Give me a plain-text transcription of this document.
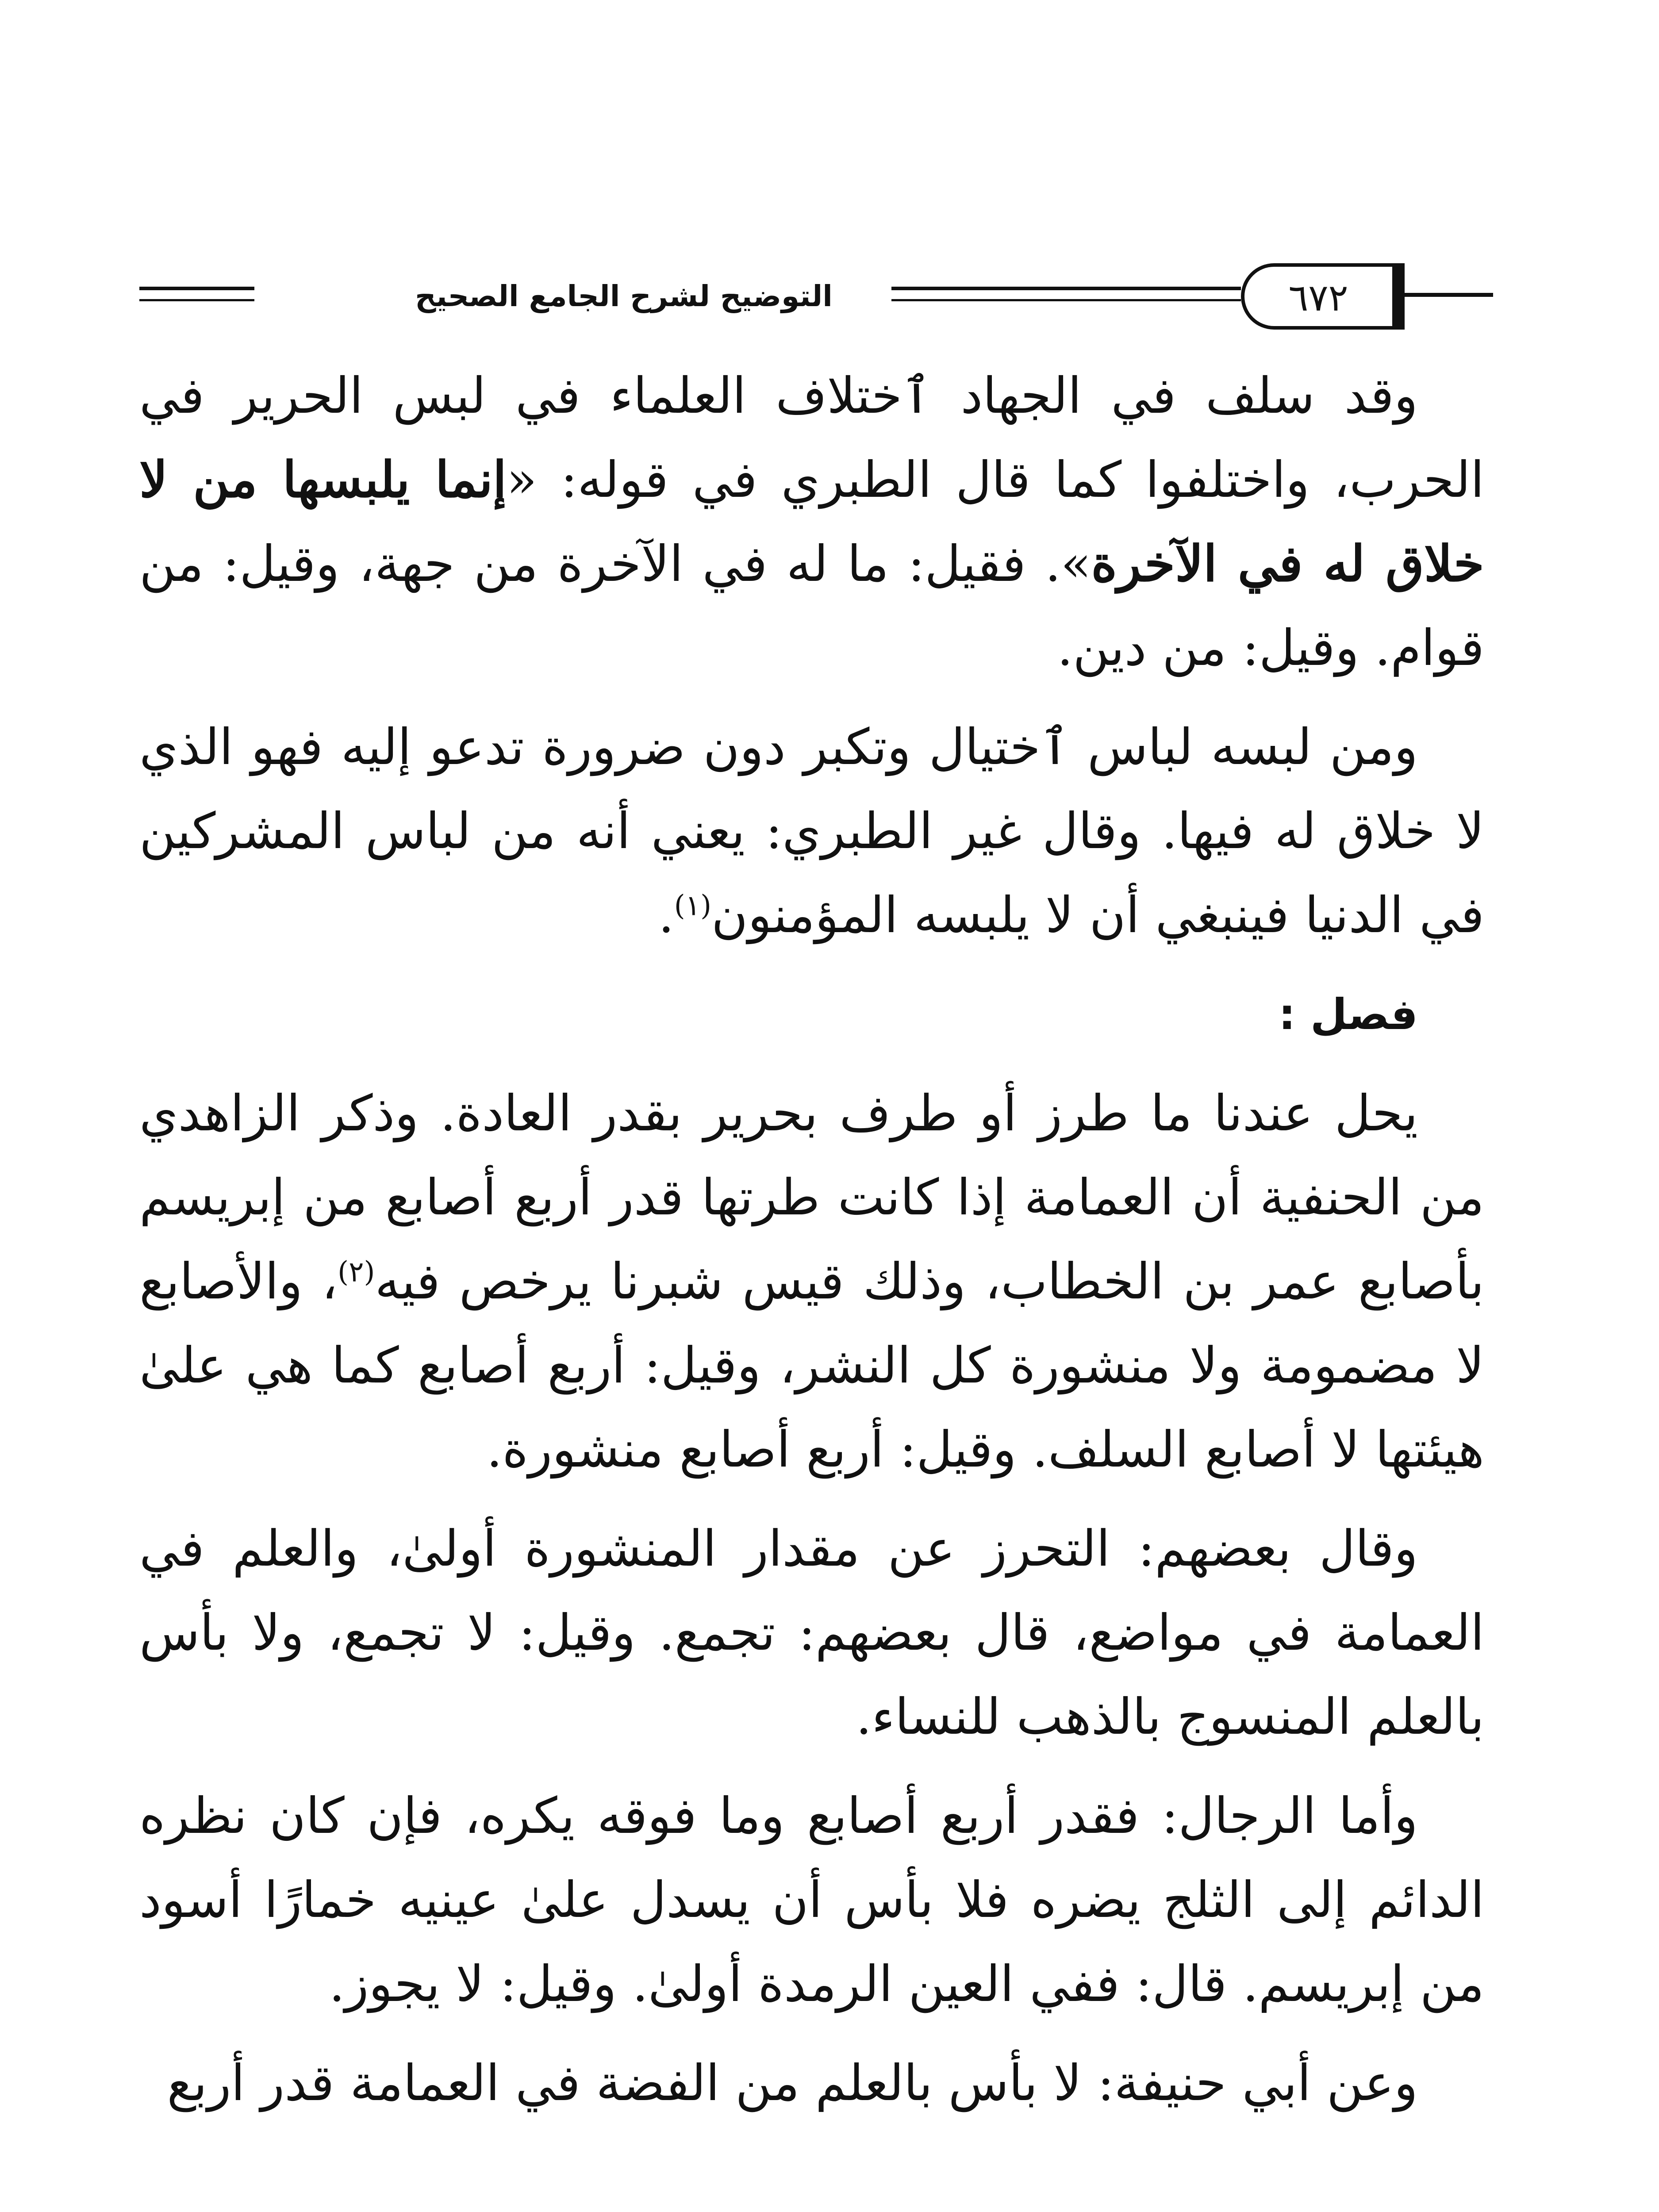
التوضيح لشرح الجامع الصحيح	٦٧٢

وقد سلف في الجهاد ٱختلاف العلماء في لبس الحرير في الحرب، واختلفوا كما قال الطبري في قوله: «إنما يلبسها من لا خلاق له في الآخرة». فقيل: ما له في الآخرة من جهة، وقيل: من قوام. وقيل: من دين.

ومن لبسه لباس ٱختيال وتكبر دون ضرورة تدعو إليه فهو الذي لا خلاق له فيها. وقال غير الطبري: يعني أنه من لباس المشركين في الدنيا فينبغي أن لا يلبسه المؤمنون$^{(١)}$.

فصل :

يحل عندنا ما طرز أو طرف بحرير بقدر العادة. وذكر الزاهدي من الحنفية أن العمامة إذا كانت طرتها قدر أربع أصابع من إبريسم بأصابع عمر بن الخطاب، وذلك قيس شبرنا يرخص فيه$^{(٢)}$، والأصابع لا مضمومة ولا منشورة كل النشر، وقيل: أربع أصابع كما هي علىٰ هيئتها لا أصابع السلف. وقيل: أربع أصابع منشورة.

وقال بعضهم: التحرز عن مقدار المنشورة أولىٰ، والعلم في العمامة في مواضع، قال بعضهم: تجمع. وقيل: لا تجمع، ولا بأس بالعلم المنسوج بالذهب للنساء.

وأما الرجال: فقدر أربع أصابع وما فوقه يكره، فإن كان نظره الدائم إلى الثلج يضره فلا بأس أن يسدل علىٰ عينيه خمارًا أسود من إبريسم. قال: ففي العين الرمدة أولىٰ. وقيل: لا يجوز.

وعن أبي حنيفة: لا بأس بالعلم من الفضة في العمامة قدر أربع
